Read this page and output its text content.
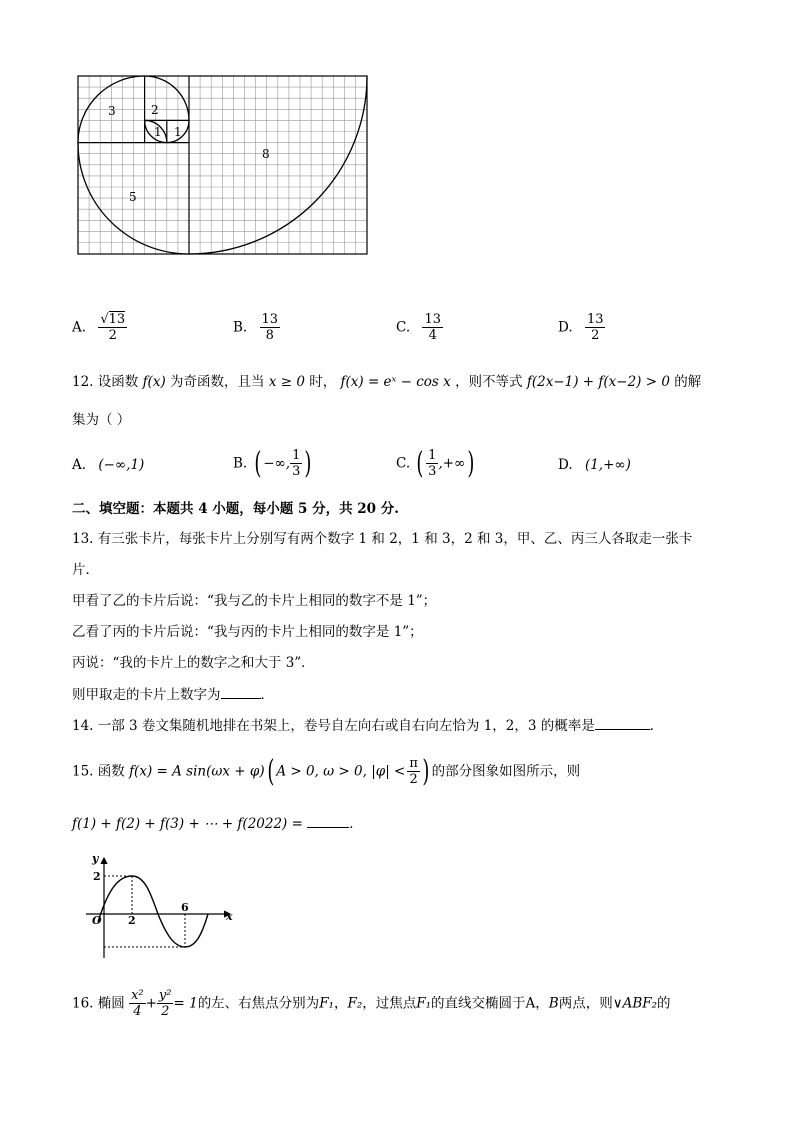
3	2
1 1
8
5
A. $\frac{√13}{2}$	B. $\frac{13}{8}$	C. $\frac{13}{4}$	D. $\frac{13}{2}$
12. 设函数 f(x) 为奇函数，且当 x ≥ 0 时， f(x) = eˣ − cos x ，则不等式 f(2x−1) + f(x−2) > 0 的解
集为（ ）
A. (−∞,1)	B. ( −∞, $\frac{1}{3}$ )	C. ( $\frac{1}{3}$ ,+∞)	D. (1,+∞)
二、填空题：本题共 4 小题，每小题 5 分，共 20 分.
13. 有三张卡片，每张卡片上分别写有两个数字 1 和 2，1 和 3，2 和 3，甲、乙、丙三人各取走一张卡
片．
甲看了乙的卡片后说：“我与乙的卡片上相同的数字不是 1”；
乙看了丙的卡片后说：“我与丙的卡片上相同的数字是 1”；
丙说：“我的卡片上的数字之和大于 3”．
则甲取走的卡片上数字为	．
14. 一部 3 卷文集随机地排在书架上，卷号自左向右或自右向左恰为 1，2，3 的概率是	．
15. 函数 f(x) = A sin(ωx + φ)( A > 0, ω > 0, $|\varphi| < \frac{\pi}{2}$ ) 的部分图象如图所示，则
f(1) + f(2) + f(3) + ⋯ + f(2022) =	．
y
x
O
2
2
6
16. 椭圆 $\frac{\text{x²}}{4} + \frac{\text{y²}}{2} = 1$的左、右焦点分别为F₁，F₂，过焦点F₁的直线交椭圆于A，B两点，则∨ABF₂的
